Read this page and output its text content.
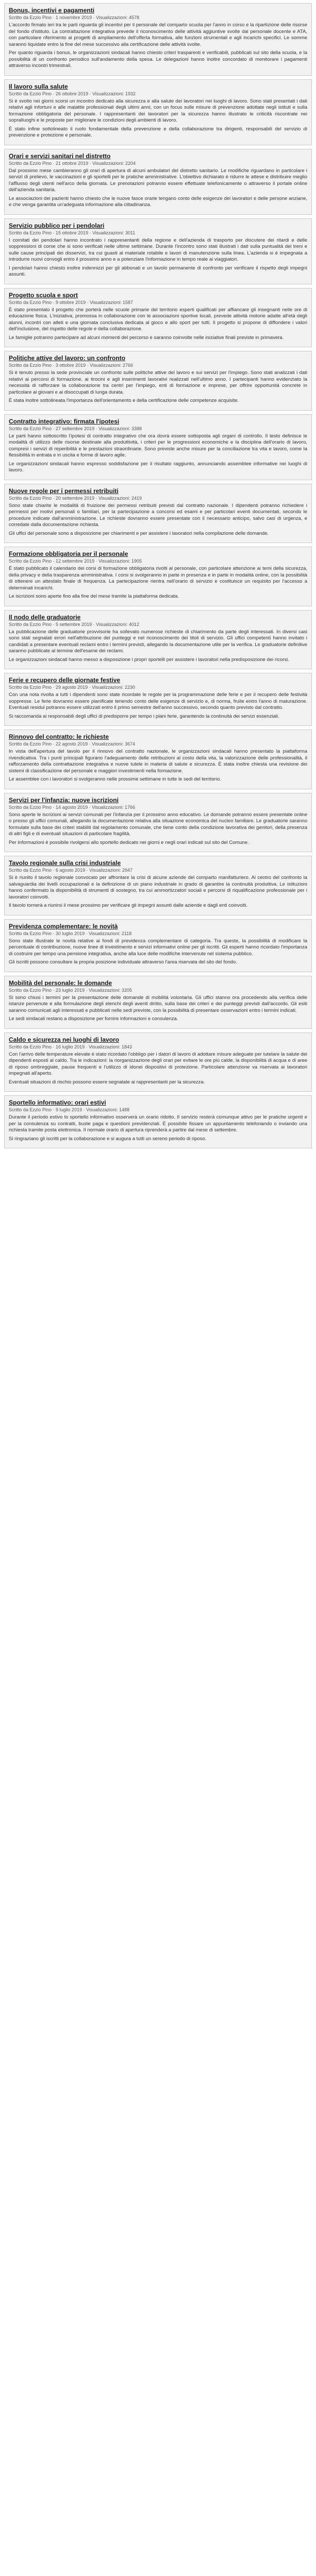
Bonus, incentivi e pagamenti
Scritto da Ezzio Pino · 1 novembre 2019 · Visualizzazioni: 4578

L'accordo firmato ieri tra le parti riguarda gli incentivi per il personale del comparto scuola per l'anno in corso e la ripartizione delle risorse del fondo d'istituto. La contrattazione integrativa prevede il riconoscimento delle attività aggiuntive svolte dal personale docente e ATA, con particolare riferimento ai progetti di ampliamento dell'offerta formativa, alle funzioni strumentali e agli incarichi specifici. Le somme saranno liquidate entro la fine del mese successivo alla certificazione delle attività svolte.

Per quanto riguarda i bonus, le organizzazioni sindacali hanno chiesto criteri trasparenti e verificabili, pubblicati sul sito della scuola, e la possibilità di un confronto periodico sull'andamento della spesa. Le delegazioni hanno inoltre concordato di monitorare i pagamenti attraverso incontri trimestrali.

Il lavoro sulla salute
Scritto da Ezzio Pino · 26 ottobre 2019 · Visualizzazioni: 1932

Si è svolto nei giorni scorsi un incontro dedicato alla sicurezza e alla salute dei lavoratori nei luoghi di lavoro. Sono stati presentati i dati relativi agli infortuni e alle malattie professionali degli ultimi anni, con un focus sulle misure di prevenzione adottate negli istituti e sulla formazione obbligatoria del personale. I rappresentanti dei lavoratori per la sicurezza hanno illustrato le criticità riscontrate nei sopralluoghi e le proposte per migliorare le condizioni degli ambienti di lavoro.

È stato infine sottolineato il ruolo fondamentale della prevenzione e della collaborazione tra dirigenti, responsabili del servizio di prevenzione e protezione e personale.

Orari e servizi sanitari nel distretto
Scritto da Ezzio Pino · 21 ottobre 2019 · Visualizzazioni: 2204

Dal prossimo mese cambieranno gli orari di apertura di alcuni ambulatori del distretto sanitario. Le modifiche riguardano in particolare i servizi di prelievo, le vaccinazioni e gli sportelli per le pratiche amministrative. L'obiettivo dichiarato è ridurre le attese e distribuire meglio l'afflusso degli utenti nell'arco della giornata. Le prenotazioni potranno essere effettuate telefonicamente o attraverso il portale online dell'azienda sanitaria.

Le associazioni dei pazienti hanno chiesto che le nuove fasce orarie tengano conto delle esigenze dei lavoratori e delle persone anziane, e che venga garantita un'adeguata informazione alla cittadinanza.

Servizio pubblico per i pendolari
Scritto da Ezzio Pino · 15 ottobre 2019 · Visualizzazioni: 3011

I comitati dei pendolari hanno incontrato i rappresentanti della regione e dell'azienda di trasporto per discutere dei ritardi e delle soppressioni di corse che si sono verificati nelle ultime settimane. Durante l'incontro sono stati illustrati i dati sulla puntualità dei treni e sulle cause principali dei disservizi, tra cui guasti al materiale rotabile e lavori di manutenzione sulla linea. L'azienda si è impegnata a introdurre nuovi convogli entro il prossimo anno e a potenziare l'informazione in tempo reale ai viaggiatori.

I pendolari hanno chiesto inoltre indennizzi per gli abbonati e un tavolo permanente di confronto per verificare il rispetto degli impegni assunti.

Progetto scuola e sport
Scritto da Ezzio Pino · 9 ottobre 2019 · Visualizzazioni: 1587

È stato presentato il progetto che porterà nelle scuole primarie del territorio esperti qualificati per affiancare gli insegnanti nelle ore di educazione fisica. L'iniziativa, promossa in collaborazione con le associazioni sportive locali, prevede attività motorie adatte all'età degli alunni, incontri con atleti e una giornata conclusiva dedicata al gioco e allo sport per tutti. Il progetto si propone di diffondere i valori dell'inclusione, del rispetto delle regole e della collaborazione.

Le famiglie potranno partecipare ad alcuni momenti del percorso e saranno coinvolte nelle iniziative finali previste in primavera.

Politiche attive del lavoro: un confronto
Scritto da Ezzio Pino · 3 ottobre 2019 · Visualizzazioni: 2766

Si è tenuto presso la sede provinciale un confronto sulle politiche attive del lavoro e sui servizi per l'impiego. Sono stati analizzati i dati relativi ai percorsi di formazione, ai tirocini e agli inserimenti lavorativi realizzati nell'ultimo anno. I partecipanti hanno evidenziato la necessità di rafforzare la collaborazione tra centri per l'impiego, enti di formazione e imprese, per offrire opportunità concrete in particolare ai giovani e ai disoccupati di lunga durata.

È stata inoltre sottolineata l'importanza dell'orientamento e della certificazione delle competenze acquisite.

Contratto integrativo: firmata l'ipotesi
Scritto da Ezzio Pino · 27 settembre 2019 · Visualizzazioni: 3388

Le parti hanno sottoscritto l'ipotesi di contratto integrativo che ora dovrà essere sottoposta agli organi di controllo. Il testo definisce le modalità di utilizzo delle risorse destinate alla produttività, i criteri per le progressioni economiche e la disciplina dell'orario di lavoro, compresi i servizi di reperibilità e le prestazioni straordinarie. Sono previste anche misure per la conciliazione tra vita e lavoro, come la flessibilità in entrata e in uscita e forme di lavoro agile.

Le organizzazioni sindacali hanno espresso soddisfazione per il risultato raggiunto, annunciando assemblee informative nei luoghi di lavoro.

Nuove regole per i permessi retribuiti
Scritto da Ezzio Pino · 20 settembre 2019 · Visualizzazioni: 2419

Sono state chiarite le modalità di fruizione dei permessi retribuiti previsti dal contratto nazionale. I dipendenti potranno richiedere i permessi per motivi personali o familiari, per la partecipazione a concorsi ed esami e per particolari eventi documentati, secondo le procedure indicate dall'amministrazione. Le richieste dovranno essere presentate con il necessario anticipo, salvo casi di urgenza, e corredate dalla documentazione richiesta.

Gli uffici del personale sono a disposizione per chiarimenti e per assistere i lavoratori nella compilazione delle domande.

Formazione obbligatoria per il personale
Scritto da Ezzio Pino · 12 settembre 2019 · Visualizzazioni: 1905

È stato pubblicato il calendario dei corsi di formazione obbligatoria rivolti al personale, con particolare attenzione ai temi della sicurezza, della privacy e della trasparenza amministrativa. I corsi si svolgeranno in parte in presenza e in parte in modalità online, con la possibilità di ottenere un attestato finale di frequenza. La partecipazione rientra nell'orario di servizio e costituisce un requisito per l'accesso a determinati incarichi.

Le iscrizioni sono aperte fino alla fine del mese tramite la piattaforma dedicata.

Il nodo delle graduatorie
Scritto da Ezzio Pino · 5 settembre 2019 · Visualizzazioni: 4012

La pubblicazione delle graduatorie provvisorie ha sollevato numerose richieste di chiarimento da parte degli interessati. In diversi casi sono stati segnalati errori nell'attribuzione dei punteggi e nel riconoscimento dei titoli di servizio. Gli uffici competenti hanno invitato i candidati a presentare eventuali reclami entro i termini previsti, allegando la documentazione utile per la verifica. Le graduatorie definitive saranno pubblicate al termine dell'esame dei reclami.

Le organizzazioni sindacali hanno messo a disposizione i propri sportelli per assistere i lavoratori nella predisposizione dei ricorsi.

Ferie e recupero delle giornate festive
Scritto da Ezzio Pino · 29 agosto 2019 · Visualizzazioni: 2230

Con una nota rivolta a tutti i dipendenti sono state ricordate le regole per la programmazione delle ferie e per il recupero delle festività soppresse. Le ferie dovranno essere pianificate tenendo conto delle esigenze di servizio e, di norma, fruite entro l'anno di maturazione. Eventuali residui potranno essere utilizzati entro il primo semestre dell'anno successivo, secondo quanto previsto dal contratto.

Si raccomanda ai responsabili degli uffici di predisporre per tempo i piani ferie, garantendo la continuità dei servizi essenziali.

Rinnovo del contratto: le richieste
Scritto da Ezzio Pino · 22 agosto 2019 · Visualizzazioni: 3674

In vista dell'apertura del tavolo per il rinnovo del contratto nazionale, le organizzazioni sindacali hanno presentato la piattaforma rivendicativa. Tra i punti principali figurano l'adeguamento delle retribuzioni al costo della vita, la valorizzazione delle professionalità, il rafforzamento della contrattazione integrativa e nuove tutele in materia di salute e sicurezza. È stata inoltre chiesta una revisione dei sistemi di classificazione del personale e maggiori investimenti nella formazione.

Le assemblee con i lavoratori si svolgeranno nelle prossime settimane in tutte le sedi del territorio.

Servizi per l'infanzia: nuove iscrizioni
Scritto da Ezzio Pino · 14 agosto 2019 · Visualizzazioni: 1766

Sono aperte le iscrizioni ai servizi comunali per l'infanzia per il prossimo anno educativo. Le domande potranno essere presentate online o presso gli uffici comunali, allegando la documentazione relativa alla situazione economica del nucleo familiare. Le graduatorie saranno formulate sulla base dei criteri stabiliti dal regolamento comunale, che tiene conto della condizione lavorativa dei genitori, della presenza di altri figli e di eventuali situazioni di particolare fragilità.

Per informazioni è possibile rivolgersi allo sportello dedicato nei giorni e negli orari indicati sul sito del Comune.

Tavolo regionale sulla crisi industriale
Scritto da Ezzio Pino · 6 agosto 2019 · Visualizzazioni: 2947

Si è riunito il tavolo regionale convocato per affrontare la crisi di alcune aziende del comparto manifatturiero. Al centro del confronto la salvaguardia dei livelli occupazionali e la definizione di un piano industriale in grado di garantire la continuità produttiva. Le istituzioni hanno confermato la disponibilità di strumenti di sostegno, tra cui ammortizzatori sociali e percorsi di riqualificazione professionale per i lavoratori coinvolti.

Il tavolo tornerà a riunirsi il mese prossimo per verificare gli impegni assunti dalle aziende e dagli enti coinvolti.

Previdenza complementare: le novità
Scritto da Ezzio Pino · 30 luglio 2019 · Visualizzazioni: 2118

Sono state illustrate le novità relative ai fondi di previdenza complementare di categoria. Tra queste, la possibilità di modificare la percentuale di contribuzione, nuove linee di investimento e servizi informativi online per gli iscritti. Gli esperti hanno ricordato l'importanza di costruire per tempo una pensione integrativa, anche alla luce delle modifiche intervenute nel sistema pubblico.

Gli iscritti possono consultare la propria posizione individuale attraverso l'area riservata del sito del fondo.

Mobilità del personale: le domande
Scritto da Ezzio Pino · 23 luglio 2019 · Visualizzazioni: 3205

Si sono chiusi i termini per la presentazione delle domande di mobilità volontaria. Gli uffici stanno ora procedendo alla verifica delle istanze pervenute e alla formulazione degli elenchi degli aventi diritto, sulla base dei criteri e dei punteggi previsti dall'accordo. Gli esiti saranno comunicati agli interessati e pubblicati nelle sedi previste, con la possibilità di presentare osservazioni entro i termini indicati.

Le sedi sindacali restano a disposizione per fornire informazioni e consulenza.

Caldo e sicurezza nei luoghi di lavoro
Scritto da Ezzio Pino · 16 luglio 2019 · Visualizzazioni: 1843

Con l'arrivo delle temperature elevate è stato ricordato l'obbligo per i datori di lavoro di adottare misure adeguate per tutelare la salute dei dipendenti esposti al caldo. Tra le indicazioni: la riorganizzazione degli orari per evitare le ore più calde, la disponibilità di acqua e di aree di riposo ombreggiate, pause frequenti e l'utilizzo di idonei dispositivi di protezione. Particolare attenzione va riservata ai lavoratori impegnati all'aperto.

Eventuali situazioni di rischio possono essere segnalate ai rappresentanti per la sicurezza.

Sportello informativo: orari estivi
Scritto da Ezzio Pino · 9 luglio 2019 · Visualizzazioni: 1488

Durante il periodo estivo lo sportello informativo osserverà un orario ridotto. Il servizio resterà comunque attivo per le pratiche urgenti e per la consulenza su contratti, buste paga e questioni previdenziali. È possibile fissare un appuntamento telefonando o inviando una richiesta tramite posta elettronica. Il normale orario di apertura riprenderà a partire dal mese di settembre.

Si ringraziano gli iscritti per la collaborazione e si augura a tutti un sereno periodo di riposo.
